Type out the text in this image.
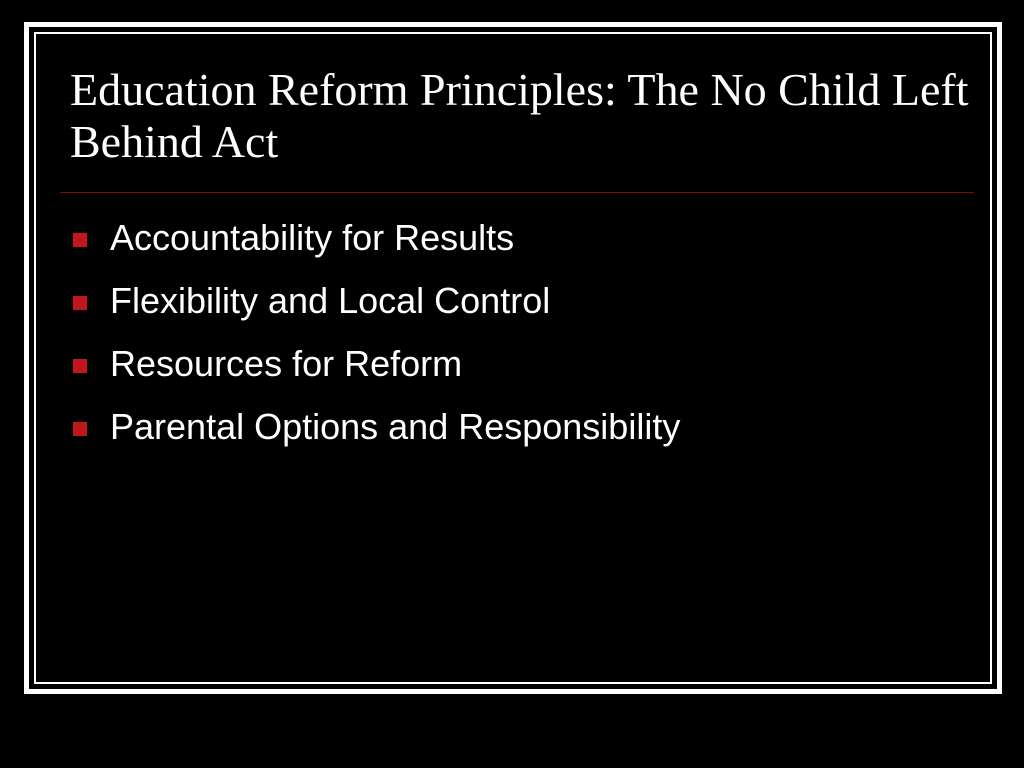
Education Reform Principles: The No Child Left Behind Act
Accountability for Results
Flexibility and Local Control
Resources for Reform
Parental Options and Responsibility
